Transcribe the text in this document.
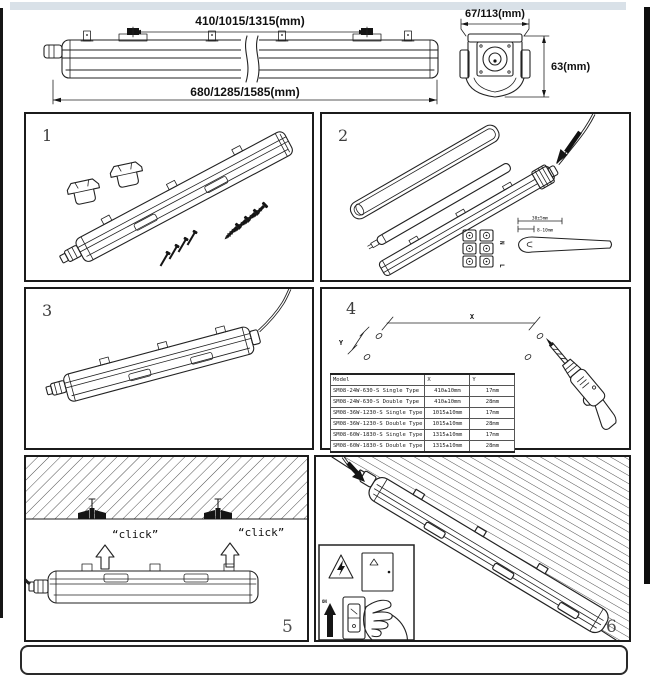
410/1015/1315(mm)
680/1285/1585(mm)
67/113(mm)
63(mm)
1	2
N
L
30±5mm
8-10mm
3	4	X
Y
Model	X	Y
SM08-24W-630-S Single Type	410±10mm	17mm
SM08-24W-630-S Double Type	410±10mm	28mm
SM08-36W-1230-S Single Type	1015±10mm	17mm
SM08-36W-1230-S Double Type	1015±10mm	28mm
SM08-60W-1830-S Single Type	1315±10mm	17mm
SM08-60W-1830-S Double Type	1315±10mm	28mm
“click”	“click”
5
ON
6
